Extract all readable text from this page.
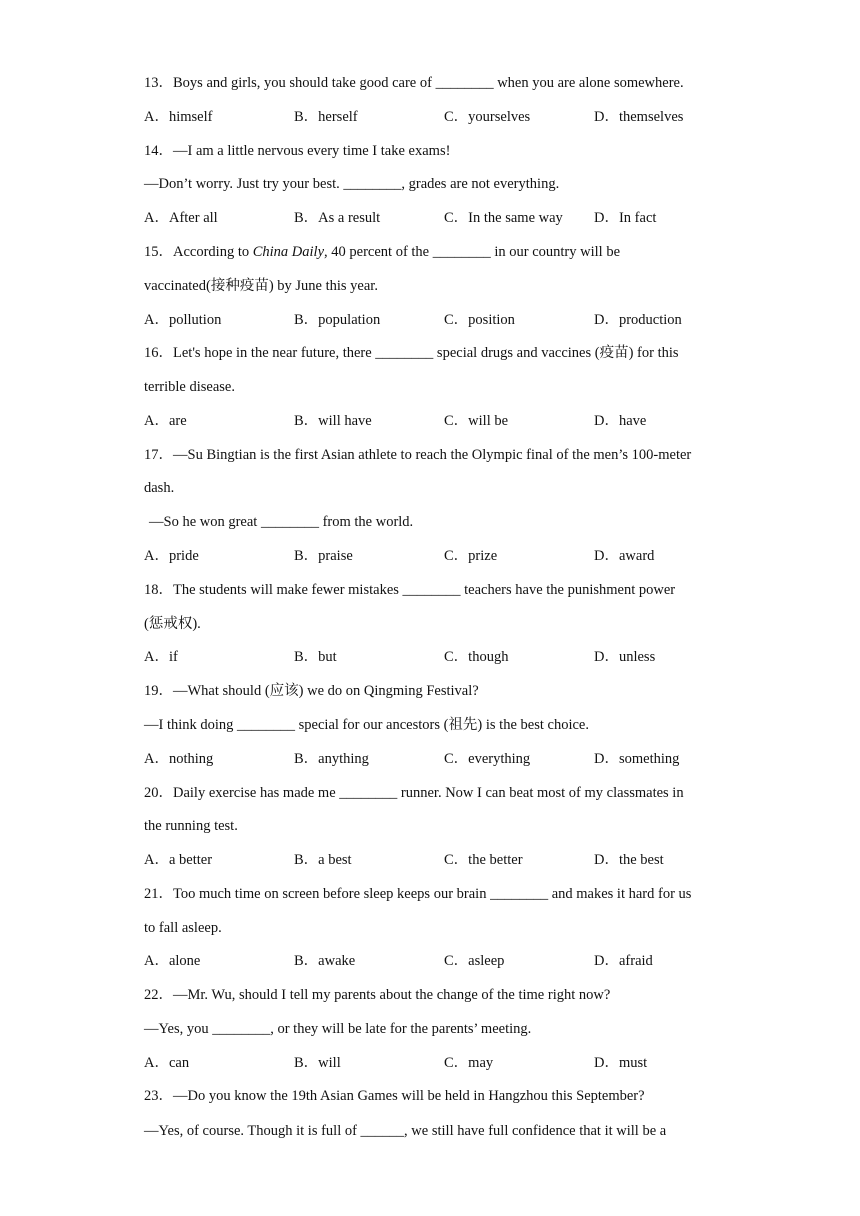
13．Boys and girls, you should take good care of ________ when you are alone somewhere.
A．himself	B．herself	C．yourselves	D．themselves
14．—I am a little nervous every time I take exams!
—Don’t worry. Just try your best. ________, grades are not everything.
A．After all	B．As a result	C．In the same way D．In fact
15．According to China Daily, 40 percent of the ________ in our country will be
vaccinated(接种疫苗) by June this year.
A．pollution	B．population	C．position	D．production
16．Let's hope in the near future, there ________ special drugs and vaccines (疫苗) for this
terrible disease.
A．are	B．will have	C．will be	D．have
17．—Su Bingtian is the first Asian athlete to reach the Olympic final of the men’s 100-meter
dash.
—So he won great ________ from the world.
A．pride	B．praise	C．prize	D．award
18．The students will make fewer mistakes ________ teachers have the punishment power
(惩戒权).
A．if	B．but	C．though	D．unless
19．—What should (应该) we do on Qingming Festival?
—I think doing ________ special for our ancestors (祖先) is the best choice.
A．nothing	B．anything	C．everything	D．something
20．Daily exercise has made me ________ runner. Now I can beat most of my classmates in
the running test.
A．a better	B．a best	C．the better	D．the best
21．Too much time on screen before sleep keeps our brain ________ and makes it hard for us
to fall asleep.
A．alone	B．awake	C．asleep	D．afraid
22．—Mr. Wu, should I tell my parents about the change of the time right now?
—Yes, you ________, or they will be late for the parents’ meeting.
A．can	B．will	C．may	D．must
23．—Do you know the 19th Asian Games will be held in Hangzhou this September?
—Yes, of course. Though it is full of ______, we still have full confidence that it will be a
